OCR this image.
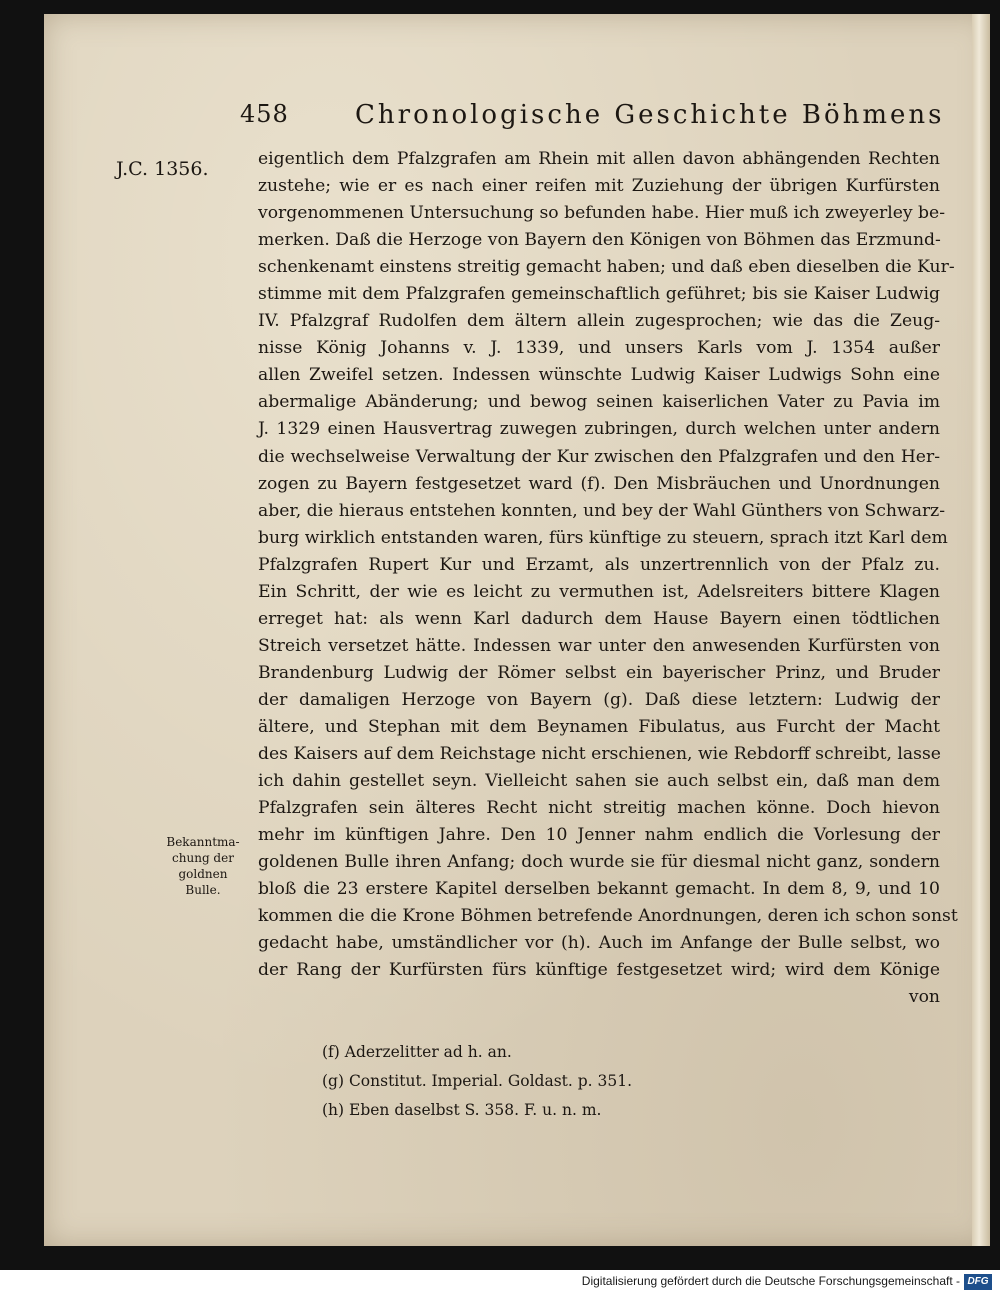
458	Chronologische Geschichte Böhmens
J.C. 1356.	eigentlich dem Pfalzgrafen am Rhein mit allen davon abhängenden Rechten
zustehe; wie er es nach einer reifen mit Zuziehung der übrigen Kurfürsten
vorgenommenen Untersuchung so befunden habe. Hier muß ich zweyerley be-
merken. Daß die Herzoge von Bayern den Königen von Böhmen das Erzmund-
schenkenamt einstens streitig gemacht haben; und daß eben dieselben die Kur-
stimme mit dem Pfalzgrafen gemeinschaftlich geführet; bis sie Kaiser Ludwig
IV. Pfalzgraf Rudolfen dem ältern allein zugesprochen; wie das die Zeug-
nisse König Johanns v. J. 1339, und unsers Karls vom J. 1354 außer
allen Zweifel setzen. Indessen wünschte Ludwig Kaiser Ludwigs Sohn eine
abermalige Abänderung; und bewog seinen kaiserlichen Vater zu Pavia im
J. 1329 einen Hausvertrag zuwegen zubringen, durch welchen unter andern
die wechselweise Verwaltung der Kur zwischen den Pfalzgrafen und den Her-
zogen zu Bayern festgesetzet ward (f). Den Misbräuchen und Unordnungen
aber, die hieraus entstehen konnten, und bey der Wahl Günthers von Schwarz-
burg wirklich entstanden waren, fürs künftige zu steuern, sprach itzt Karl dem
Pfalzgrafen Rupert Kur und Erzamt, als unzertrennlich von der Pfalz zu.
Ein Schritt, der wie es leicht zu vermuthen ist, Adelsreiters bittere Klagen
erreget hat: als wenn Karl dadurch dem Hause Bayern einen tödtlichen
Streich versetzet hätte. Indessen war unter den anwesenden Kurfürsten von
Brandenburg Ludwig der Römer selbst ein bayerischer Prinz, und Bruder
der damaligen Herzoge von Bayern (g). Daß diese letztern: Ludwig der
ältere, und Stephan mit dem Beynamen Fibulatus, aus Furcht der Macht
des Kaisers auf dem Reichstage nicht erschienen, wie Rebdorff schreibt, lasse
ich dahin gestellet seyn. Vielleicht sahen sie auch selbst ein, daß man dem
Pfalzgrafen sein älteres Recht nicht streitig machen könne. Doch hievon
mehr im künftigen Jahre. Den 10 Jenner nahm endlich die Vorlesung der
goldenen Bulle ihren Anfang; doch wurde sie für diesmal nicht ganz, sondern
bloß die 23 erstere Kapitel derselben bekannt gemacht. In dem 8, 9, und 10
kommen die die Krone Böhmen betrefende Anordnungen, deren ich schon sonst
gedacht habe, umständlicher vor (h). Auch im Anfange der Bulle selbst, wo
der Rang der Kurfürsten fürs künftige festgesetzet wird; wird dem Könige
von
Bekanntma-
chung der
goldnen
Bulle.
(f) Aderzelitter ad h. an.
(g) Constitut. Imperial. Goldast. p. 351.
(h) Eben daselbst S. 358. F. u. n. m.
Digitalisierung gefördert durch die Deutsche Forschungsgemeinschaft - DFG
